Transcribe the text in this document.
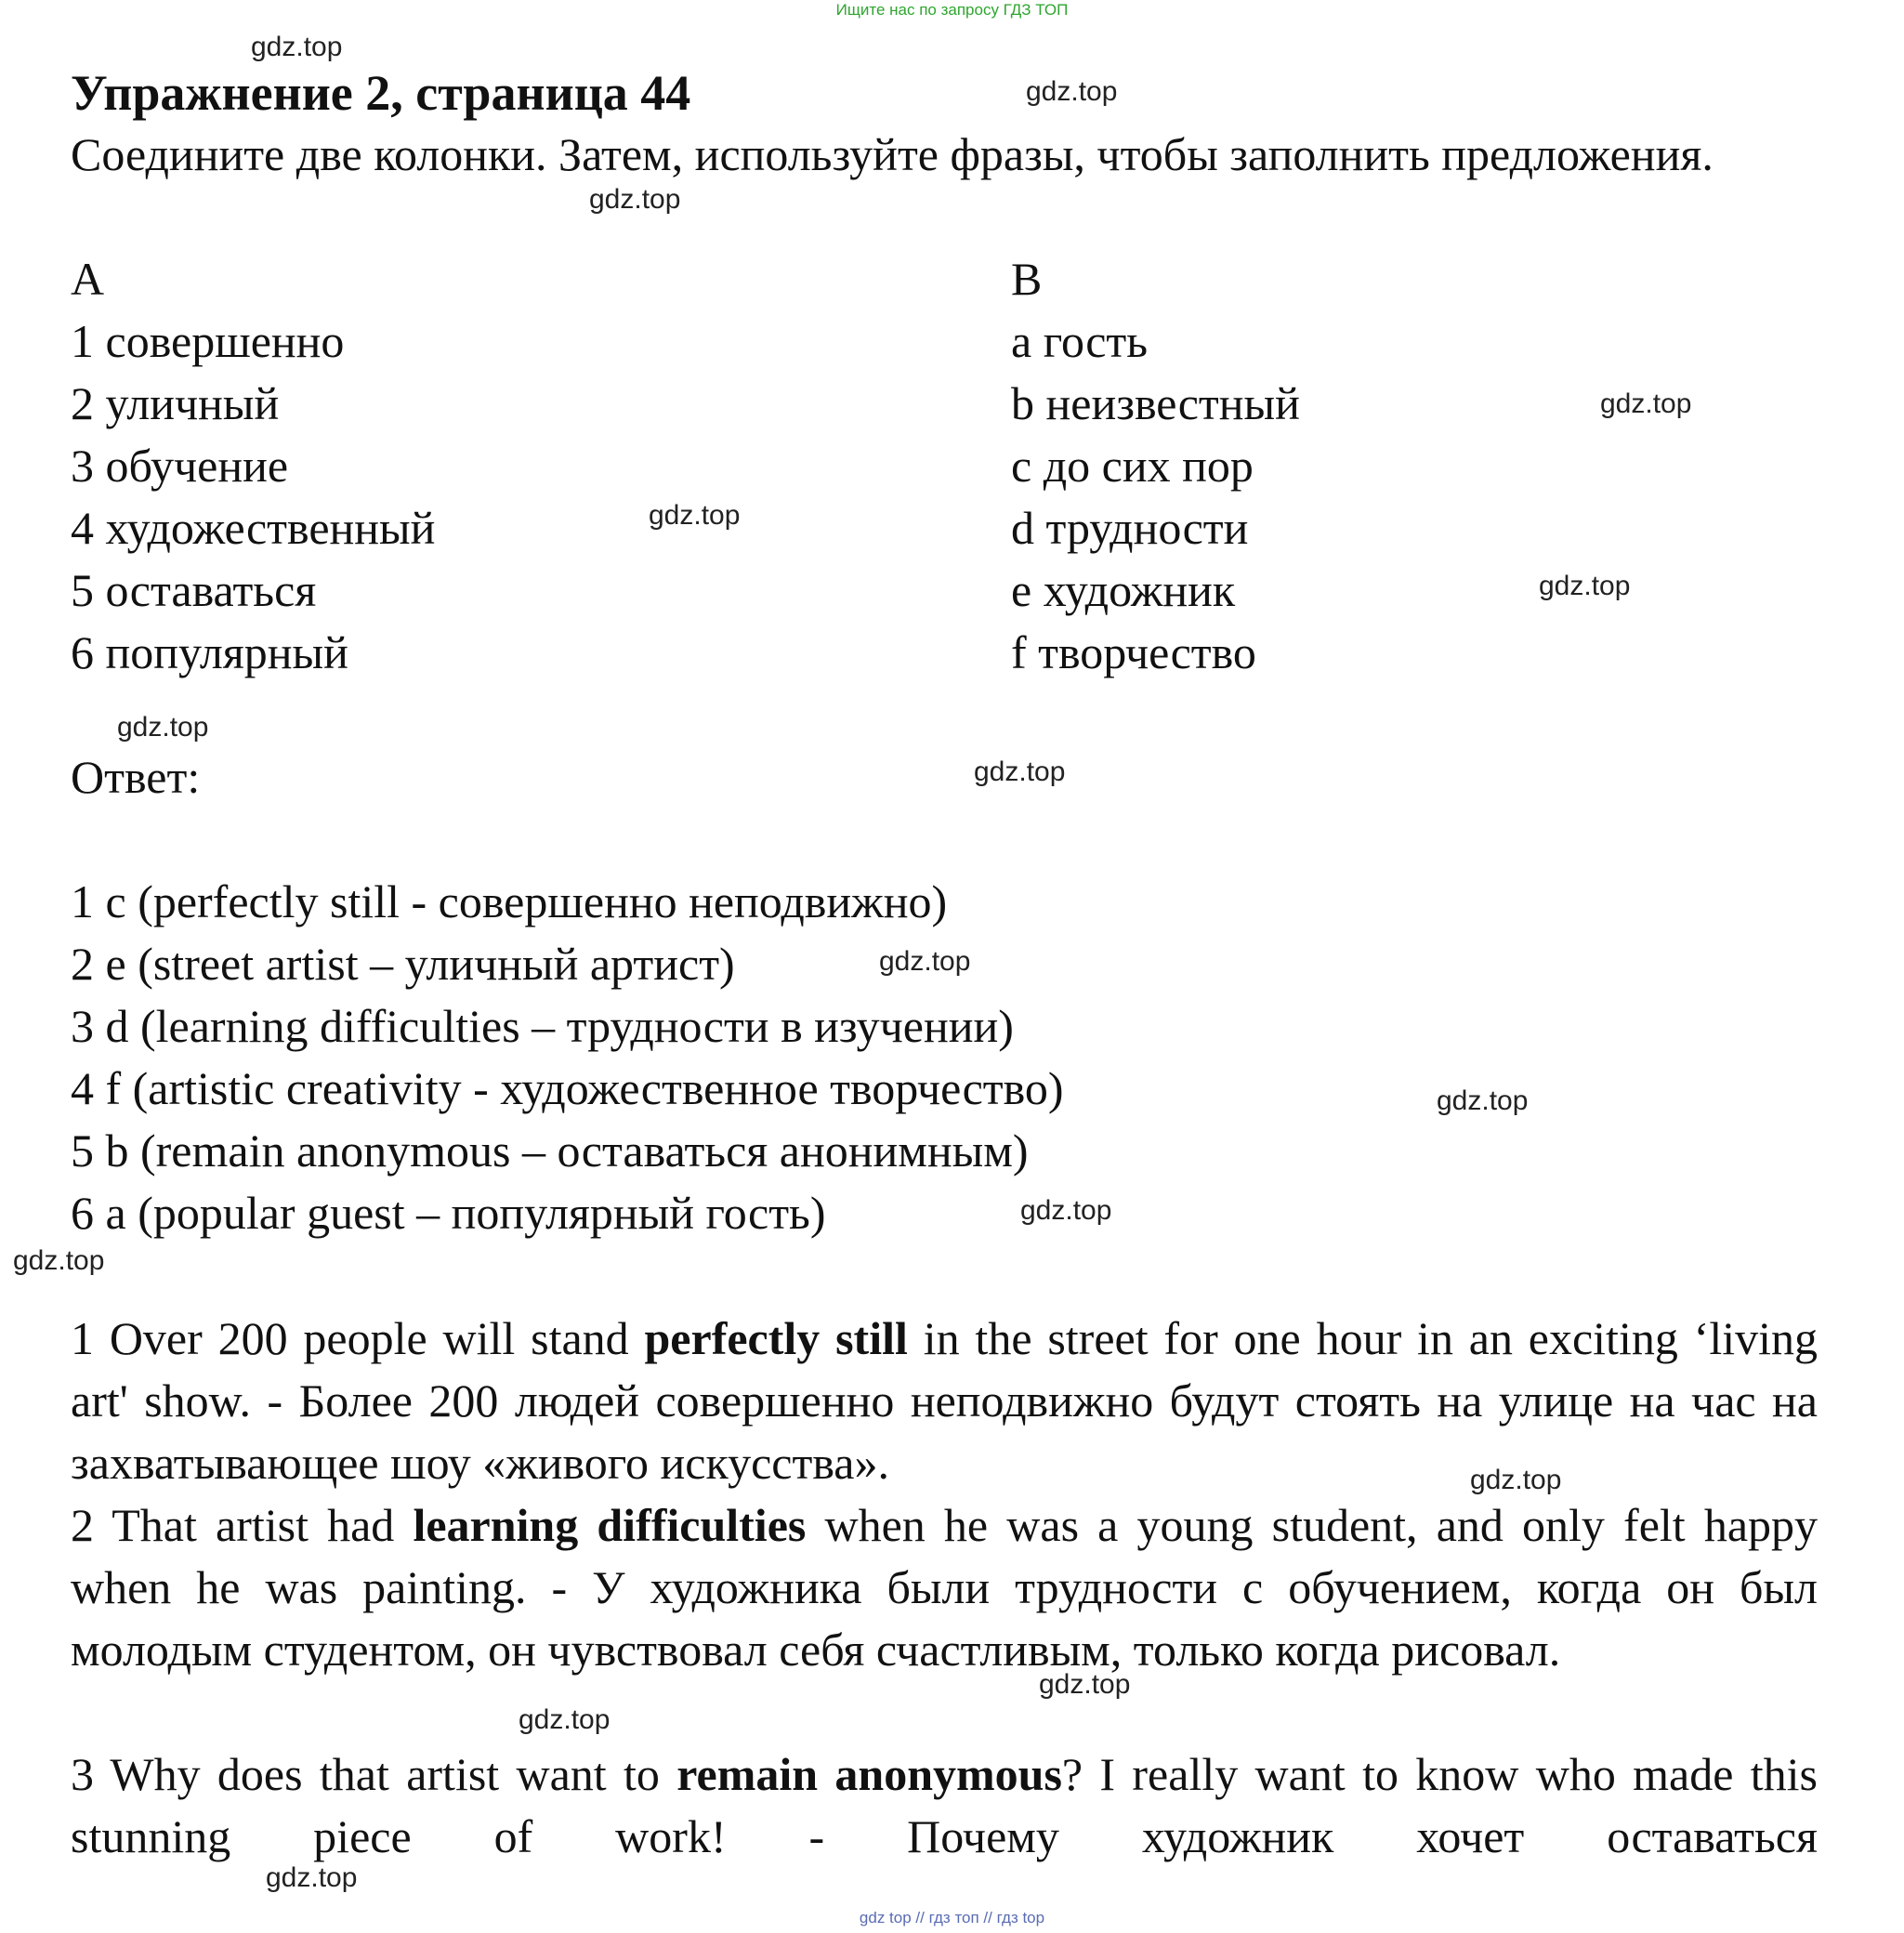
Ищите нас по запросу ГДЗ ТОП
Упражнение 2, страница 44
Соедините две колонки. Затем, используйте фразы, чтобы заполнить предложения.
A
1 совершенно
2 уличный
3 обучение
4 художественный
5 оставаться
6 популярный
B
a гость
b неизвестный
c до сих пор
d трудности
e художник
f творчество
Ответ:
1 c (perfectly still - совершенно неподвижно)
2 e (street artist – уличный артист)
3 d (learning difficulties – трудности в изучении)
4 f (artistic creativity - художественное творчество)
5 b (remain anonymous – оставаться анонимным)
6 a (popular guest – популярный гость)
1 Over 200 people will stand perfectly still in the street for one hour in an exciting ‘living art' show. - Более 200 людей совершенно неподвижно будут стоять на улице на час на захватывающее шоу «живого искусства».
2 That artist had learning difficulties when he was a young student, and only felt happy when he was painting. - У художника были трудности с обучением, когда он был молодым студентом, он чувствовал себя счастливым, только когда рисовал.
3 Why does that artist want to remain anonymous? I really want to know who made this stunning piece of work! - Почему художник хочет оставаться
gdz.top
gdz.top
gdz.top
gdz.top
gdz.top
gdz.top
gdz.top
gdz.top
gdz.top
gdz.top
gdz.top
gdz.top
gdz.top
gdz.top
gdz.top
gdz.top
gdz top // гдз топ // гдз top
